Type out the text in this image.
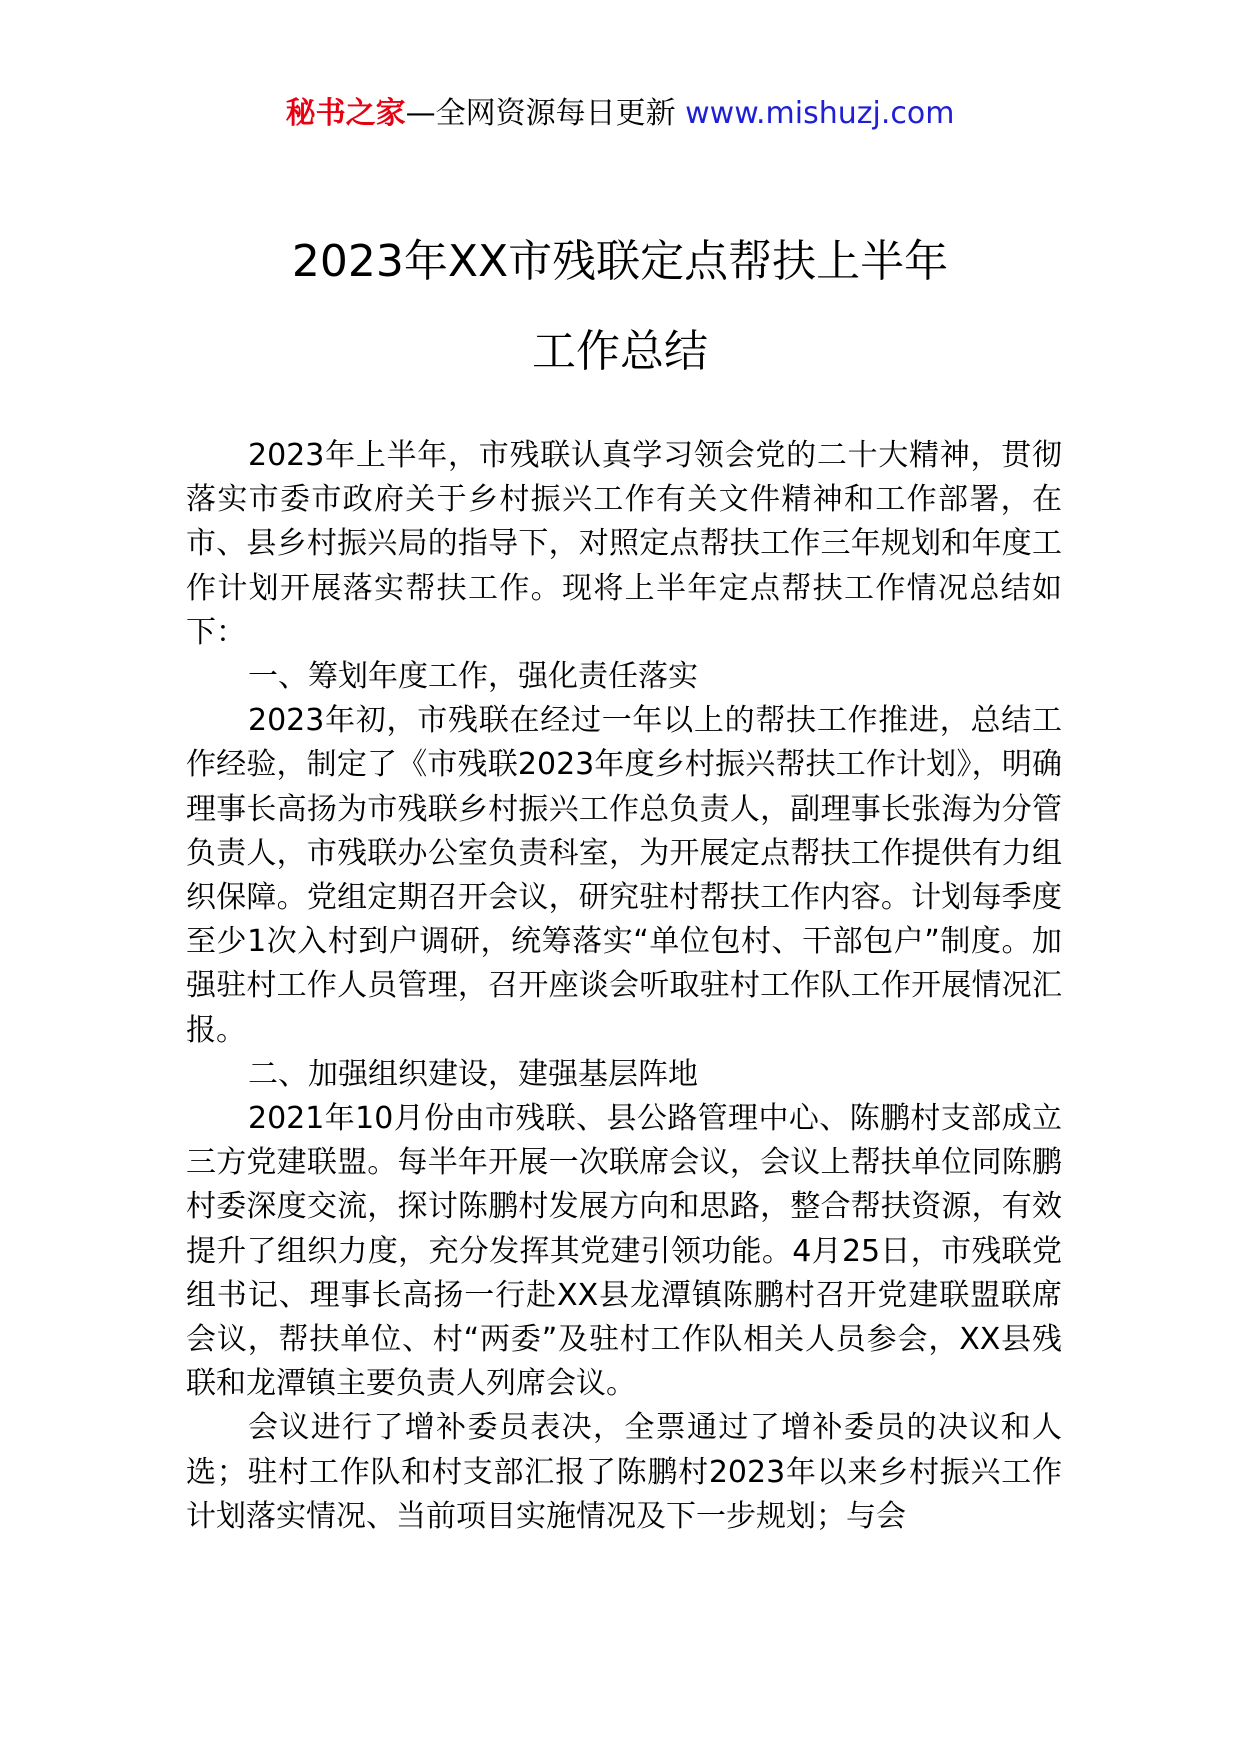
秘书之家—全网资源每日更新 www.mishuzj.com
2023年XX市残联定点帮扶上半年
工作总结

2023年上半年，市残联认真学习领会党的二十大精神，贯彻落实市委市政府关于乡村振兴工作有关文件精神和工作部署，在市、县乡村振兴局的指导下，对照定点帮扶工作三年规划和年度工作计划开展落实帮扶工作。现将上半年定点帮扶工作情况总结如下：

一、筹划年度工作，强化责任落实

2023年初，市残联在经过一年以上的帮扶工作推进，总结工作经验，制定了《市残联2023年度乡村振兴帮扶工作计划》，明确理事长高扬为市残联乡村振兴工作总负责人，副理事长张海为分管负责人，市残联办公室负责科室，为开展定点帮扶工作提供有力组织保障。党组定期召开会议，研究驻村帮扶工作内容。计划每季度至少1次入村到户调研，统筹落实“单位包村、干部包户”制度。加强驻村工作人员管理，召开座谈会听取驻村工作队工作开展情况汇报。

二、加强组织建设，建强基层阵地

2021年10月份由市残联、县公路管理中心、陈鹏村支部成立三方党建联盟。每半年开展一次联席会议，会议上帮扶单位同陈鹏村委深度交流，探讨陈鹏村发展方向和思路，整合帮扶资源，有效提升了组织力度，充分发挥其党建引领功能。4月25日，市残联党组书记、理事长高扬一行赴XX县龙潭镇陈鹏村召开党建联盟联席会议，帮扶单位、村“两委”及驻村工作队相关人员参会，XX县残联和龙潭镇主要负责人列席会议。

会议进行了增补委员表决，全票通过了增补委员的决议和人选；驻村工作队和村支部汇报了陈鹏村2023年以来乡村振兴工作计划落实情况、当前项目实施情况及下一步规划；与会
